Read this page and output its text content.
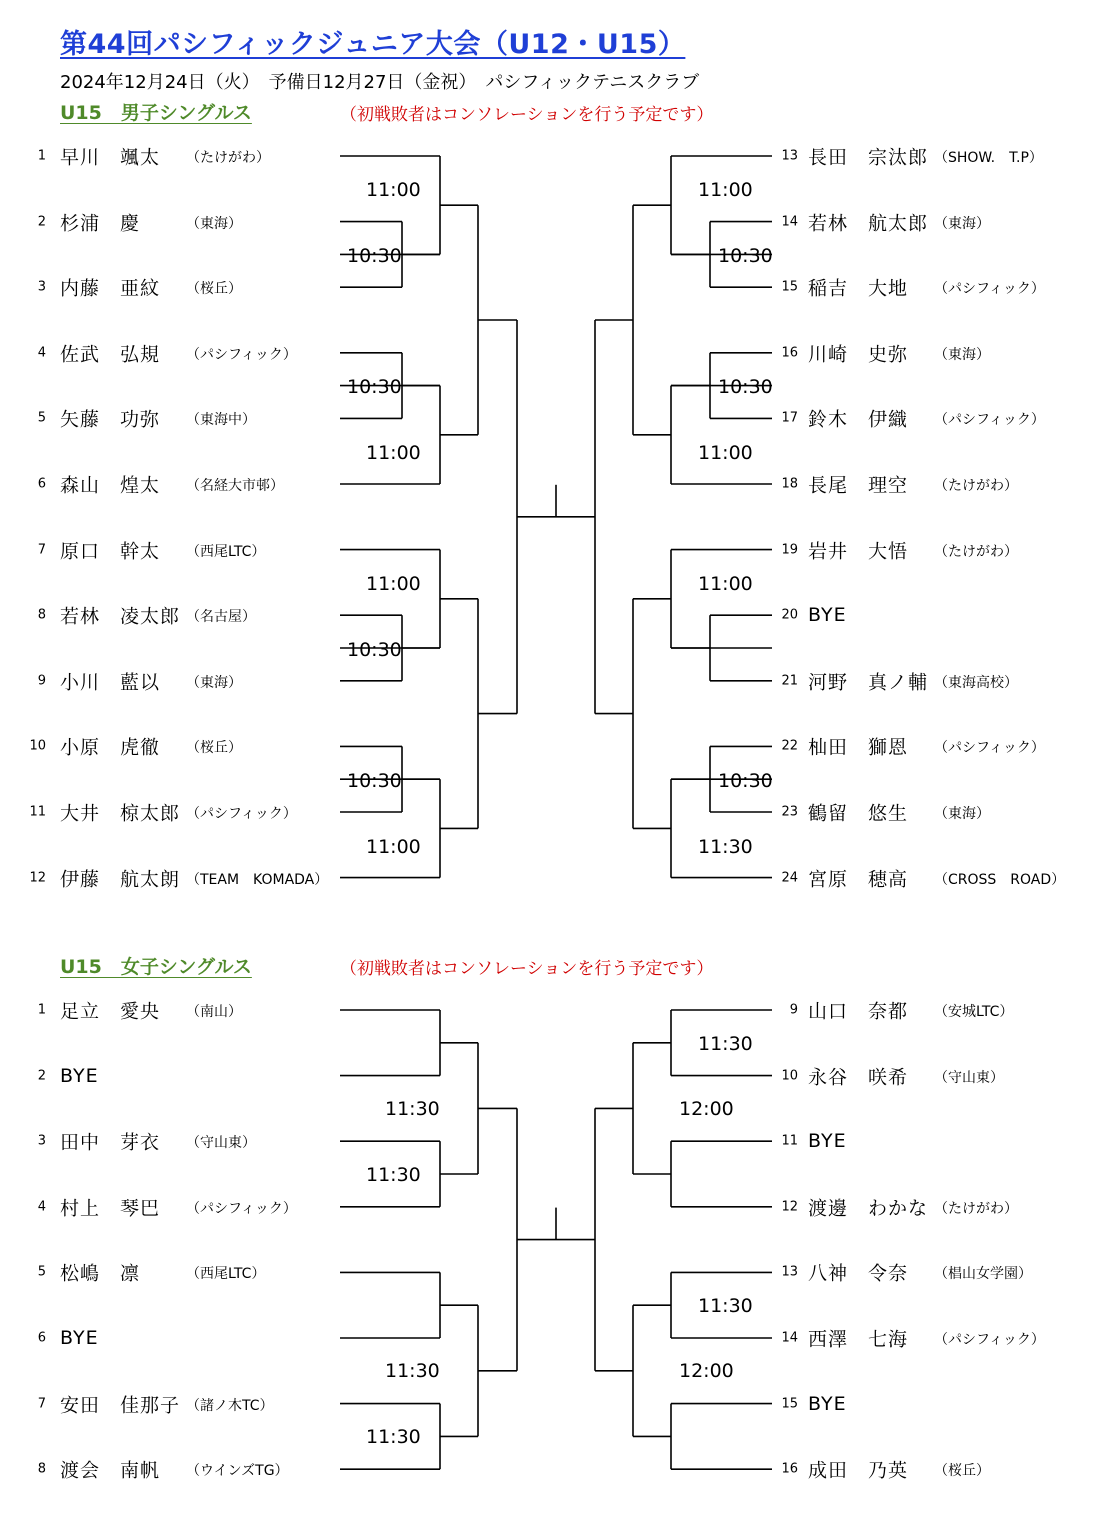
第44回パシフィックジュニア大会（U12・U15）
2024年12月24日（火）　予備日12月27日（金祝）　パシフィックテニスクラブ
U15　男子シングルス	（初戦敗者はコンソレーションを行う予定です）
U15　女子シングルス	（初戦敗者はコンソレーションを行う予定です）
1 早川　颯太 （たけがわ）
2 杉浦　慶	（東海）
3 内藤　亜紋 （桜丘）
4 佐武　弘規 （パシフィック）
5 矢藤　功弥 （東海中）
6 森山　煌太 （名経大市邨）
7 原口　幹太 （西尾LTC）
8 若林　凌太郎 （名古屋）
9 小川　藍以 （東海）
10 小原　虎徹 （桜丘）
11 大井　椋太郎 （パシフィック）
12 伊藤　航太朗 （TEAM　KOMADA）
13 長田　宗汰郎 （SHOW.　T.P）
14 若林　航太郎 （東海）
15 稲吉　大地 （パシフィック）
16 川崎　史弥 （東海）
17 鈴木　伊織 （パシフィック）
18 長尾　理空 （たけがわ）
19 岩井　大悟 （たけがわ）
20 BYE
21 河野　真ノ輔 （東海高校）
22 杣田　獅恩 （パシフィック）
23 鶴留　悠生 （東海）
24 宮原　穂高 （CROSS　ROAD）
1 足立　愛央 （南山）
2 BYE
3 田中　芽衣 （守山東）
4 村上　琴巴 （パシフィック）
5 松嶋　凛	（西尾LTC）
6 BYE
7 安田　佳那子 （諸ノ木TC）
8 渡会　南帆 （ウインズTG）
9 山口　奈都 （安城LTC）
10 永谷　咲希 （守山東）
11 BYE
12 渡邊　わかな （たけがわ）
13 八神　令奈 （椙山女学園）
14 西澤　七海 （パシフィック）
15 BYE
16 成田　乃英 （桜丘）
11:00
10:30
10:30
11:00
11:00
10:30
10:30
11:00
11:00
10:30
10:30
11:00
11:00
10:30
11:30
11:30
11:30
11:30
11:30
11:30
12:00
11:30
12:00
